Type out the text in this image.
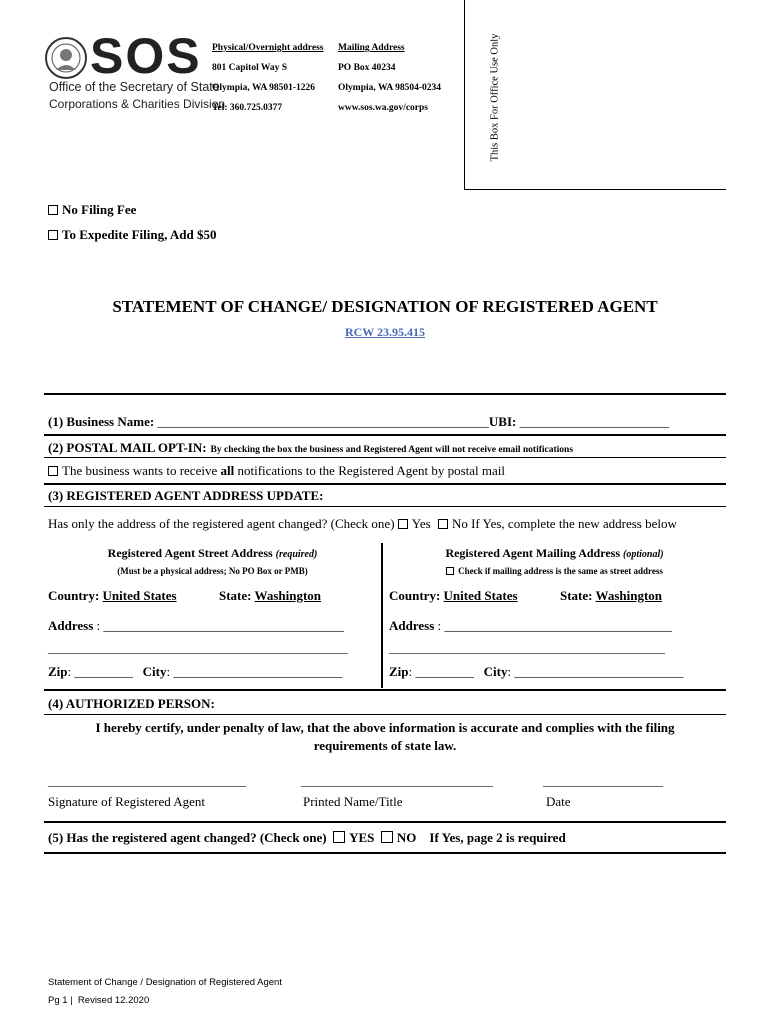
SOS
Office of the Secretary of State
Corporations & Charities Division
Physical/Overnight address
801 Capitol Way S
Olympia, WA 98501-1226
Tel: 360.725.0377
Mailing Address
PO Box 40234
Olympia, WA 98504-0234
www.sos.wa.gov/corps	This Box For Office Use Only
No Filing Fee
To Expedite Filing, Add $50
STATEMENT OF CHANGE/ DESIGNATION OF REGISTERED AGENT
RCW 23.95.415
(1) Business Name: ___________________________________________________UBI: _______________________
(2) POSTAL MAIL OPT-IN: By checking the box the business and Registered Agent will not receive email notifications
The business wants to receive all notifications to the Registered Agent by postal mail
(3) REGISTERED AGENT ADDRESS UPDATE:
Has only the address of the registered agent changed? (Check one) Yes No If Yes, complete the new address below
Registered Agent Street Address (required)
(Must be a physical address; No PO Box or PMB)
Country: United States	State: Washington
Address : _____________________________________
__________________________________________________
Zip: _________ City: __________________________
Registered Agent Mailing Address (optional)
Check if mailing address is the same as street address
Country: United States	State: Washington
Address : ___________________________________
______________________________________________
Zip: _________ City: __________________________
(4) AUTHORIZED PERSON:
I hereby certify, under penalty of law, that the above information is accurate and complies with the filing
requirements of state law.
_________________________________	________________________________	____________________
Signature of Registered Agent	Printed Name/Title	Date
(5) Has the registered agent changed? (Check one) YES NO If Yes, page 2 is required
Statement of Change / Designation of Registered Agent
Pg 1 |  Revised 12.2020
